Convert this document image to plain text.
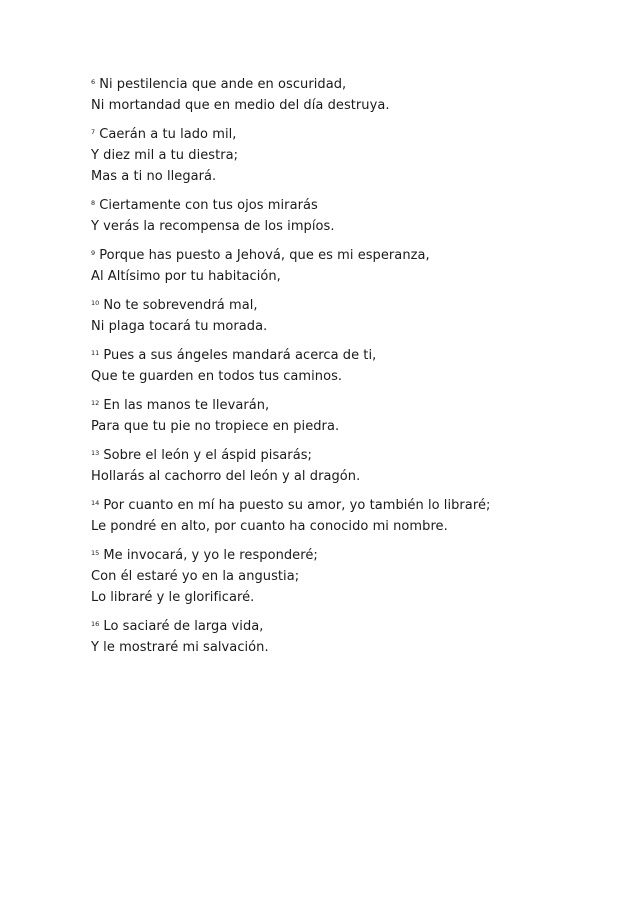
$^6$ Ni pestilencia que ande en oscuridad,
Ni mortandad que en medio del día destruya.

$^7$ Caerán a tu lado mil,
Y diez mil a tu diestra;
Mas a ti no llegará.

$^8$ Ciertamente con tus ojos mirarás
Y verás la recompensa de los impíos.

$^9$ Porque has puesto a Jehová, que es mi esperanza,
Al Altísimo por tu habitación,

$^{10}$ No te sobrevendrá mal,
Ni plaga tocará tu morada.

$^{11}$ Pues a sus ángeles mandará acerca de ti,
Que te guarden en todos tus caminos.

$^{12}$ En las manos te llevarán,
Para que tu pie no tropiece en piedra.

$^{13}$ Sobre el león y el áspid pisarás;
Hollarás al cachorro del león y al dragón.

$^{14}$ Por cuanto en mí ha puesto su amor, yo también lo libraré;
Le pondré en alto, por cuanto ha conocido mi nombre.

$^{15}$ Me invocará, y yo le responderé;
Con él estaré yo en la angustia;
Lo libraré y le glorificaré.

$^{16}$ Lo saciaré de larga vida,
Y le mostraré mi salvación.
